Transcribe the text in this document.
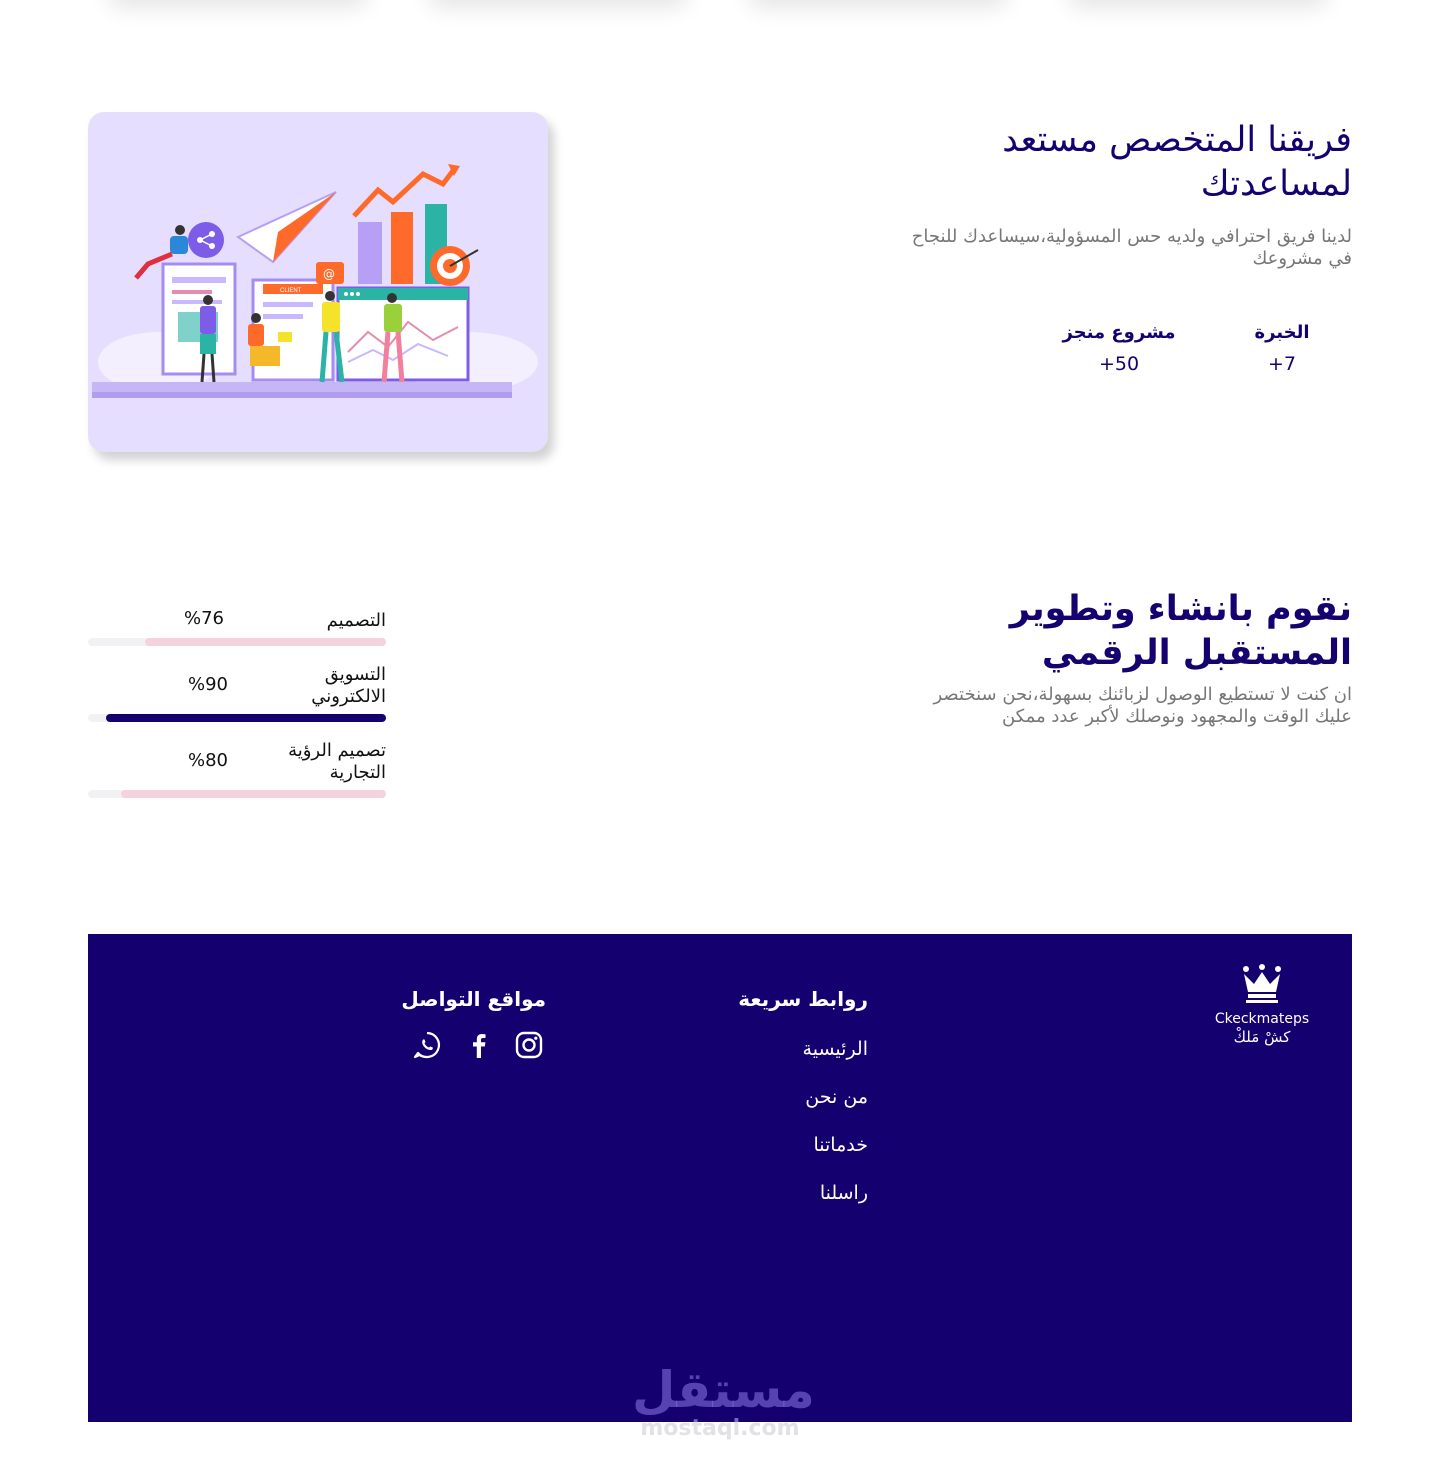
CLIENT
@
فريقنا المتخصص مستعد لمساعدتك

لدينا فريق احترافي ولديه حس المسؤولية،سيساعدك للنجاح في مشروعك

الخبرة
+7
مشروع منجز
+50
نقوم بانشاء وتطوير المستقبل الرقمي

ان كنت لا تستطيع الوصول لزبائنك بسهولة،نحن سنختصر عليك الوقت والمجهود ونوصلك لأكبر عدد ممكن

التصميم
%76
التسويق الالكتروني
%90
تصميم الرؤية التجارية
%80
Ckeckmateps
كشْ مَلكْ
روابط سريعة
الرئيسية
من نحن
خدماتنا
راسلنا
مواقع التواصل
مستقل
mostaql.com
